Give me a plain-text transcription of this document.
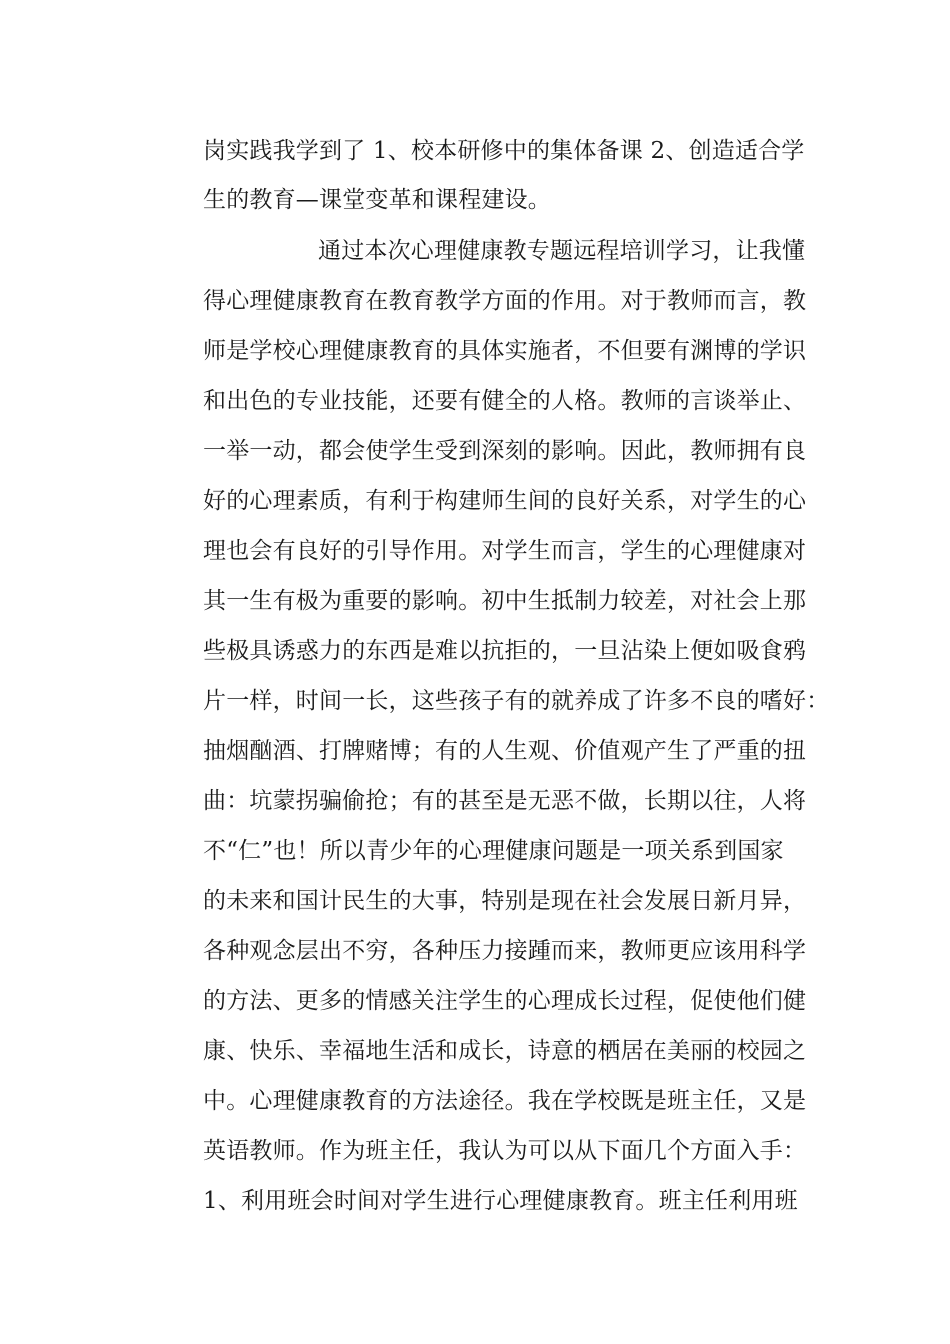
岗实践我学到了 1、校本研修中的集体备课 2、创造适合学
生的教育—课堂变革和课程建设。
通过本次心理健康教专题远程培训学习，让我懂
得心理健康教育在教育教学方面的作用。对于教师而言，教
师是学校心理健康教育的具体实施者，不但要有渊博的学识
和出色的专业技能，还要有健全的人格。教师的言谈举止、
一举一动，都会使学生受到深刻的影响。因此，教师拥有良
好的心理素质，有利于构建师生间的良好关系，对学生的心
理也会有良好的引导作用。对学生而言，学生的心理健康对
其一生有极为重要的影响。初中生抵制力较差，对社会上那
些极具诱惑力的东西是难以抗拒的，一旦沾染上便如吸食鸦
片一样，时间一长，这些孩子有的就养成了许多不良的嗜好：
抽烟酗酒、打牌赌博；有的人生观、价值观产生了严重的扭
曲：坑蒙拐骗偷抢；有的甚至是无恶不做，长期以往，人将
不“仁”也！所以青少年的心理健康问题是一项关系到国家
的未来和国计民生的大事，特别是现在社会发展日新月异，
各种观念层出不穷，各种压力接踵而来，教师更应该用科学
的方法、更多的情感关注学生的心理成长过程，促使他们健
康、快乐、幸福地生活和成长，诗意的栖居在美丽的校园之
中。心理健康教育的方法途径。我在学校既是班主任，又是
英语教师。作为班主任，我认为可以从下面几个方面入手：
1、利用班会时间对学生进行心理健康教育。班主任利用班
